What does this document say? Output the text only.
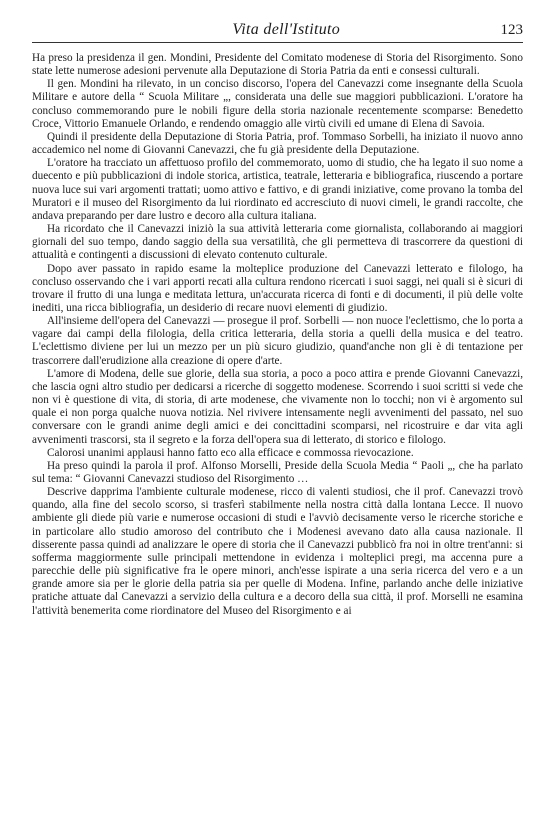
Vita dell'Istituto	123

Ha preso la presidenza il gen. Mondini, Presidente del Comitato modenese di Storia del Risorgimento. Sono state lette numerose adesioni pervenute alla Deputazione di Storia Patria da enti e consessi culturali.

Il gen. Mondini ha rilevato, in un conciso discorso, l'opera del Canevazzi come insegnante della Scuola Militare e autore della “ Scuola Militare „, considerata una delle sue maggiori pubblicazioni. L'oratore ha concluso commemorando pure le nobili figure della storia nazionale recentemente scomparse: Benedetto Croce, Vittorio Emanuele Orlando, e rendendo omaggio alle virtù civili ed umane di Elena di Savoia.

Quindi il presidente della Deputazione di Storia Patria, prof. Tommaso Sorbelli, ha iniziato il nuovo anno accademico nel nome di Giovanni Canevazzi, che fu già presidente della Deputazione.

L'oratore ha tracciato un affettuoso profilo del commemorato, uomo di studio, che ha legato il suo nome a duecento e più pubblicazioni di indole storica, artistica, teatrale, letteraria e bibliografica, riuscendo a portare nuova luce sui vari argomenti trattati; uomo attivo e fattivo, e di grandi iniziative, come provano la tomba del Muratori e il museo del Risorgimento da lui riordinato ed accresciuto di nuovi cimeli, le grandi raccolte, che andava preparando per dare lustro e decoro alla cultura italiana.

Ha ricordato che il Canevazzi iniziò la sua attività letteraria come giornalista, collaborando ai maggiori giornali del suo tempo, dando saggio della sua versatilità, che gli permetteva di trascorrere da questioni di attualità e contingenti a discussioni di elevato contenuto culturale.

Dopo aver passato in rapido esame la molteplice produzione del Canevazzi letterato e filologo, ha concluso osservando che i vari apporti recati alla cultura rendono ricercati i suoi saggi, nei quali si è sicuri di trovare il frutto di una lunga e meditata lettura, un'accurata ricerca di fonti e di documenti, il più delle volte inediti, una ricca bibliografia, un desiderio di recare nuovi elementi di giudizio.

All'insieme dell'opera del Canevazzi — prosegue il prof. Sorbelli — non nuoce l'eclettismo, che lo porta a vagare dai campi della filologia, della critica letteraria, della storia a quelli della musica e del teatro. L'eclettismo diviene per lui un mezzo per un più sicuro giudizio, quand'anche non gli è di tentazione per trascorrere dall'erudizione alla creazione di opere d'arte.

L'amore di Modena, delle sue glorie, della sua storia, a poco a poco attira e prende Giovanni Canevazzi, che lascia ogni altro studio per dedicarsi a ricerche di soggetto modenese. Scorrendo i suoi scritti si vede che non vi è questione di vita, di storia, di arte modenese, che vivamente non lo tocchi; non vi è argomento sul quale ei non porga qualche nuova notizia. Nel rivivere intensamente negli avvenimenti del passato, nel suo conversare con le grandi anime degli amici e dei concittadini scomparsi, nel ricostruire e dar vita agli avvenimenti trascorsi, sta il segreto e la forza dell'opera sua di letterato, di storico e filologo.

Calorosi unanimi applausi hanno fatto eco alla efficace e commossa rievocazione.

Ha preso quindi la parola il prof. Alfonso Morselli, Preside della Scuola Media “ Paoli „, che ha parlato sul tema: “ Giovanni Canevazzi studioso del Risorgimento …

Descrive dapprima l'ambiente culturale modenese, ricco di valenti studiosi, che il prof. Canevazzi trovò quando, alla fine del secolo scorso, si trasferì stabilmente nella nostra città dalla lontana Lecce. Il nuovo ambiente gli diede più varie e numerose occasioni di studi e l'avviò decisamente verso le ricerche storiche e in particolare allo studio amoroso del contributo che i Modenesi avevano dato alla causa nazionale. Il disserente passa quindi ad analizzare le opere di storia che il Canevazzi pubblicò fra noi in oltre trent'anni: si sofferma maggiormente sulle principali mettendone in evidenza i molteplici pregi, ma accenna pure a parecchie delle più significative fra le opere minori, anch'esse ispirate a una seria ricerca del vero e a un grande amore sia per le glorie della patria sia per quelle di Modena. Infine, parlando anche delle iniziative pratiche attuate dal Canevazzi a servizio della cultura e a decoro della sua città, il prof. Morselli ne esamina l'attività benemerita come riordinatore del Museo del Risorgimento e ai
